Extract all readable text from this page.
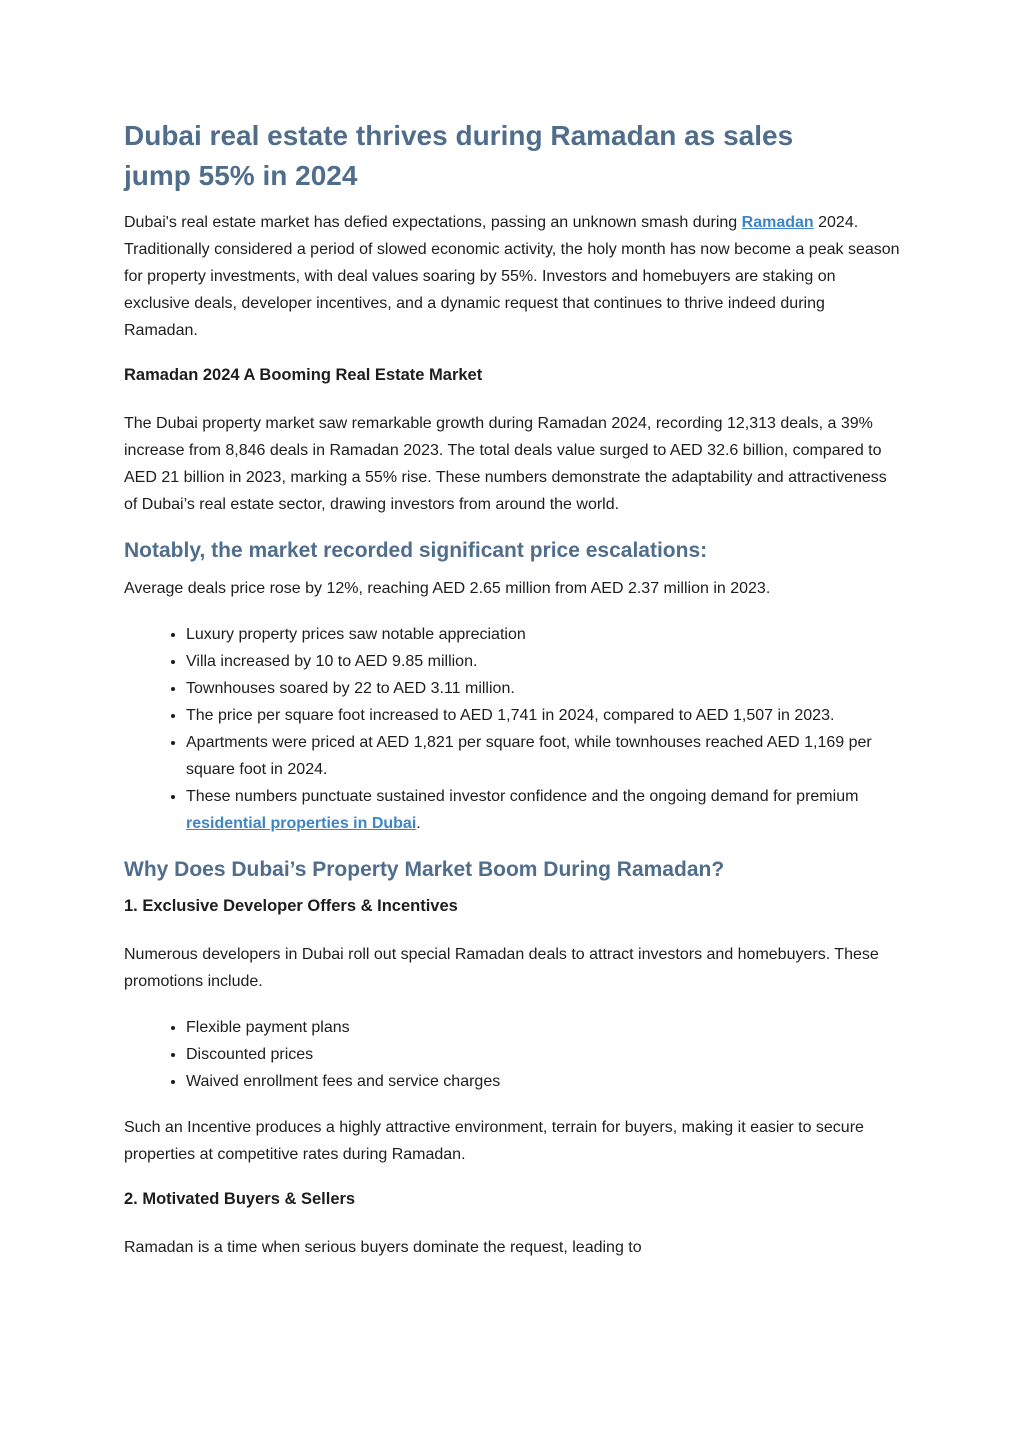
Dubai real estate thrives during Ramadan as sales
jump 55% in 2024

Dubai's real estate market has defied expectations, passing an unknown smash during Ramadan 2024. Traditionally considered a period of slowed economic activity, the holy month has now become a peak season for property investments, with deal values soaring by 55%. Investors and homebuyers are staking on exclusive deals, developer incentives, and a dynamic request that continues to thrive indeed during Ramadan.

Ramadan 2024 A Booming Real Estate Market

The Dubai property market saw remarkable growth during Ramadan 2024, recording 12,313 deals, a 39% increase from 8,846 deals in Ramadan 2023. The total deals value surged to AED 32.6 billion, compared to AED 21 billion in 2023, marking a 55% rise. These numbers demonstrate the adaptability and attractiveness of Dubai’s real estate sector, drawing investors from around the world.

Notably, the market recorded significant price escalations:

Average deals price rose by 12%, reaching AED 2.65 million from AED 2.37 million in 2023.

• Luxury property prices saw notable appreciation
• Villa increased by 10 to AED 9.85 million.
• Townhouses soared by 22 to AED 3.11 million.
• The price per square foot increased to AED 1,741 in 2024, compared to AED 1,507 in 2023.
• Apartments were priced at AED 1,821 per square foot, while townhouses reached AED 1,169 per square foot in 2024.
• These numbers punctuate sustained investor confidence and the ongoing demand for premium residential properties in Dubai.
Why Does Dubai’s Property Market Boom During Ramadan?
1. Exclusive Developer Offers & Incentives

Numerous developers in Dubai roll out special Ramadan deals to attract investors and homebuyers. These promotions include.

• Flexible payment plans
• Discounted prices
• Waived enrollment fees and service charges

Such an Incentive produces a highly attractive environment, terrain for buyers, making it easier to secure properties at competitive rates during Ramadan.

2. Motivated Buyers & Sellers

Ramadan is a time when serious buyers dominate the request, leading to
